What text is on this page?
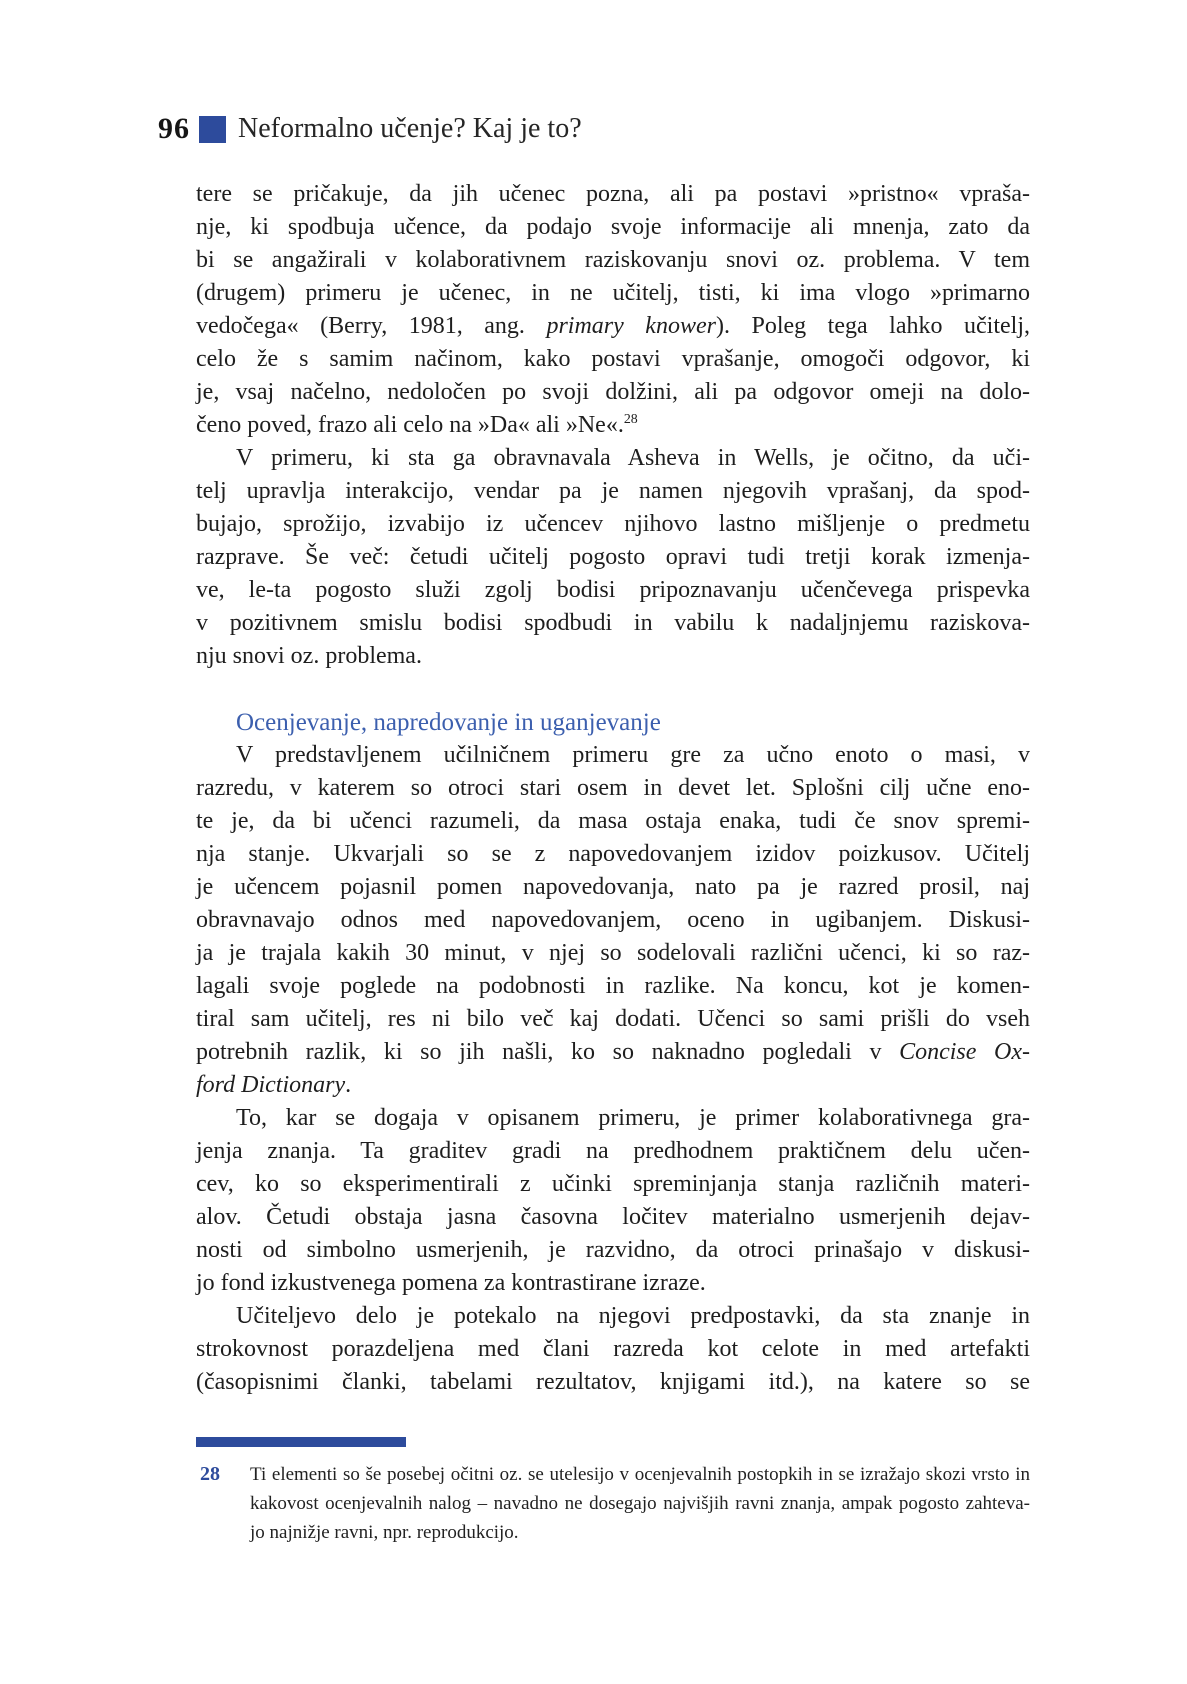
96 Neformalno učenje? Kaj je to?
tere se pričakuje, da jih učenec pozna, ali pa postavi »pristno« vpraša-
nje, ki spodbuja učence, da podajo svoje informacije ali mnenja, zato da
bi se angažirali v kolaborativnem raziskovanju snovi oz. problema. V tem
(drugem) primeru je učenec, in ne učitelj, tisti, ki ima vlogo »primarno
vedočega« (Berry, 1981, ang. primary knower). Poleg tega lahko učitelj,
celo že s samim načinom, kako postavi vprašanje, omogoči odgovor, ki
je, vsaj načelno, nedoločen po svoji dolžini, ali pa odgovor omeji na dolo-
čeno poved, frazo ali celo na »Da« ali »Ne«.$^{28}$
V primeru, ki sta ga obravnavala Asheva in Wells, je očitno, da uči-
telj upravlja interakcijo, vendar pa je namen njegovih vprašanj, da spod-
bujajo, sprožijo, izvabijo iz učencev njihovo lastno mišljenje o predmetu
razprave. Še več: četudi učitelj pogosto opravi tudi tretji korak izmenja-
ve, le-ta pogosto služi zgolj bodisi pripoznavanju učenčevega prispevka
v pozitivnem smislu bodisi spodbudi in vabilu k nadaljnjemu raziskova-
nju snovi oz. problema.
Ocenjevanje, napredovanje in uganjevanje
V predstavljenem učilničnem primeru gre za učno enoto o masi, v
razredu, v katerem so otroci stari osem in devet let. Splošni cilj učne eno-
te je, da bi učenci razumeli, da masa ostaja enaka, tudi če snov spremi-
nja stanje. Ukvarjali so se z napovedovanjem izidov poizkusov. Učitelj
je učencem pojasnil pomen napovedovanja, nato pa je razred prosil, naj
obravnavajo odnos med napovedovanjem, oceno in ugibanjem. Diskusi-
ja je trajala kakih 30 minut, v njej so sodelovali različni učenci, ki so raz-
lagali svoje poglede na podobnosti in razlike. Na koncu, kot je komen-
tiral sam učitelj, res ni bilo več kaj dodati. Učenci so sami prišli do vseh
potrebnih razlik, ki so jih našli, ko so naknadno pogledali v Concise Ox-
ford Dictionary.
To, kar se dogaja v opisanem primeru, je primer kolaborativnega gra-
jenja znanja. Ta graditev gradi na predhodnem praktičnem delu učen-
cev, ko so eksperimentirali z učinki spreminjanja stanja različnih materi-
alov. Četudi obstaja jasna časovna ločitev materialno usmerjenih dejav-
nosti od simbolno usmerjenih, je razvidno, da otroci prinašajo v diskusi-
jo fond izkustvenega pomena za kontrastirane izraze.
Učiteljevo delo je potekalo na njegovi predpostavki, da sta znanje in
strokovnost porazdeljena med člani razreda kot celote in med artefakti
(časopisnimi članki, tabelami rezultatov, knjigami itd.), na katere so se
28	Ti elementi so še posebej očitni oz. se utelesijo v ocenjevalnih postopkih in se izražajo skozi vrsto in
kakovost ocenjevalnih nalog – navadno ne dosegajo najvišjih ravni znanja, ampak pogosto zahteva-
jo najnižje ravni, npr. reprodukcijo.
